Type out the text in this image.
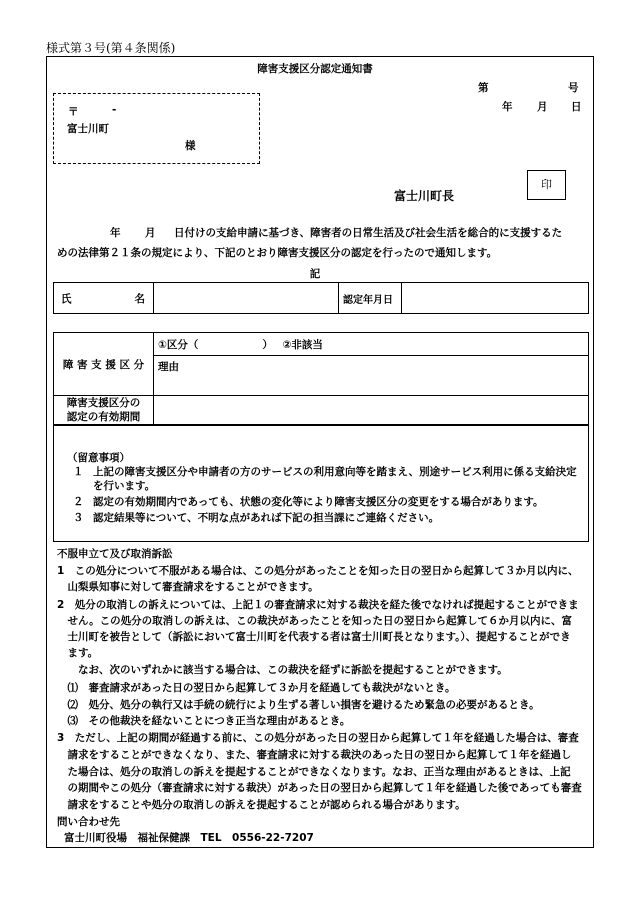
様式第３号(第４条関係)
障害支援区分認定通知書
第	号
年 月 日
〒	-
富士川町
様
印
富士川町長
年 月 日付けの支給申請に基づき、障害者の日常生活及び社会生活を総合的に支援するた
めの法律第２１条の規定により、下記のとおり障害支援区分の認定を行ったので通知します。
記
氏	名		認定年月日	
障 害 支 援 区 分	①区分（ ） ②非該当
	理由

障害支援区分の
認定の有効期間	

（留意事項）
１ 上記の障害支援区分や申請者の方のサービスの利用意向等を踏まえ、別途サービス利用に係る支給決定
を行います。
２ 認定の有効期間内であっても、状態の変化等により障害支援区分の変更をする場合があります。
３ 認定結果等について、不明な点があれば下記の担当課にご連絡ください。
不服申立て及び取消訴訟
1　この処分について不服がある場合は、この処分があったことを知った日の翌日から起算して３か月以内に、
　山梨県知事に対して審査請求をすることができます。
2　処分の取消しの訴えについては、上記１の審査請求に対する裁決を経た後でなければ提起することができま
　せん。この処分の取消しの訴えは、この裁決があったことを知った日の翌日から起算して６か月以内に、富
　士川町を被告として（訴訟において富士川町を代表する者は富士川町長となります。）、提起することができ
　ます。
　　なお、次のいずれかに該当する場合は、この裁決を経ずに訴訟を提起することができます。
　⑴　審査請求があった日の翌日から起算して３か月を経過しても裁決がないとき。
　⑵　処分、処分の執行又は手続の続行により生ずる著しい損害を避けるため緊急の必要があるとき。
　⑶　その他裁決を経ないことにつき正当な理由があるとき。
3　ただし、上記の期間が経過する前に、この処分があった日の翌日から起算して１年を経過した場合は、審査
　請求をすることができなくなり、また、審査請求に対する裁決のあった日の翌日から起算して１年を経過し
　た場合は、処分の取消しの訴えを提起することができなくなります。なお、正当な理由があるときは、上記
　の期間やこの処分（審査請求に対する裁決）があった日の翌日から起算して１年を経過した後であっても審査
　請求をすることや処分の取消しの訴えを提起することが認められる場合があります。
問い合わせ先
富士川町役場　福祉保健課　TEL　0556-22-7207
